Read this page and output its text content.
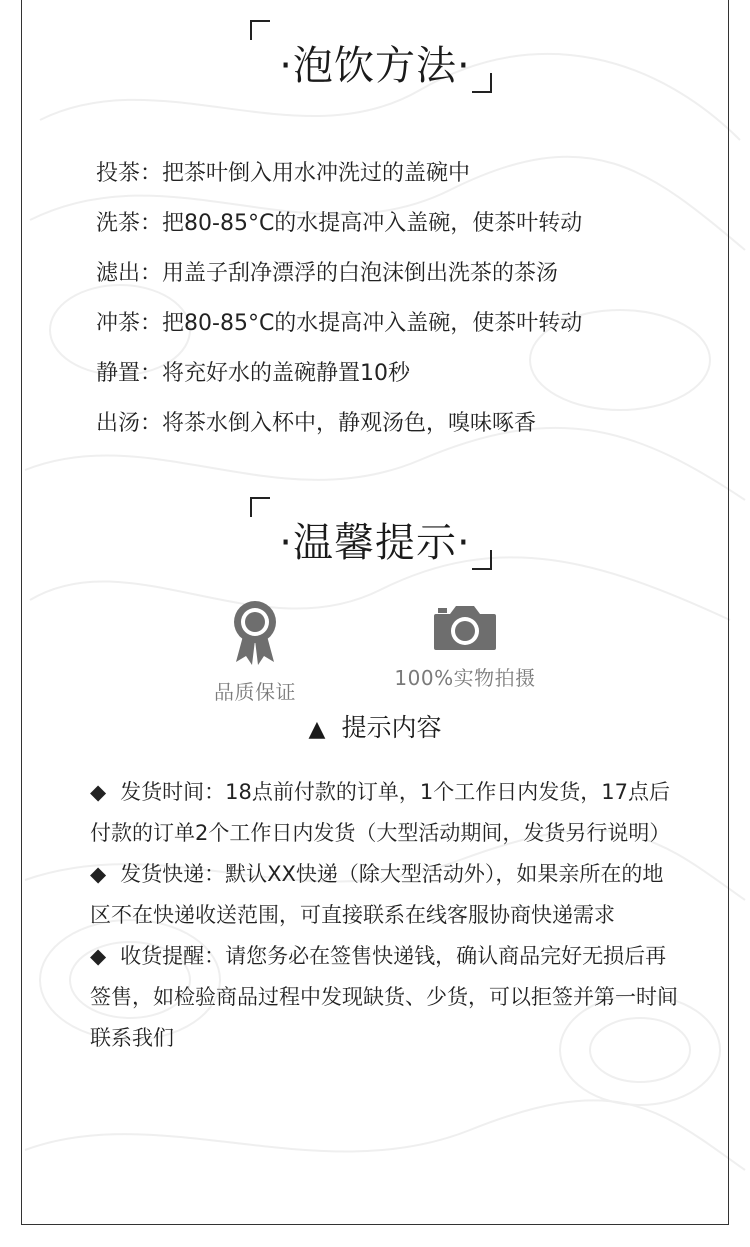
·泡饮方法·
投茶：把茶叶倒入用水冲洗过的盖碗中
洗茶：把80-85°C的水提高冲入盖碗，使茶叶转动
滤出：用盖子刮净漂浮的白泡沫倒出洗茶的茶汤
冲茶：把80-85°C的水提高冲入盖碗，使茶叶转动
静置：将充好水的盖碗静置10秒
出汤：将茶水倒入杯中，静观汤色，嗅味啄香
·温馨提示·
品质保证
100%实物拍摄
▲ 提示内容

◆ 发货时间：18点前付款的订单，1个工作日内发货，17点后付款的订单2个工作日内发货（大型活动期间，发货另行说明）

◆ 发货快递：默认XX快递（除大型活动外），如果亲所在的地区不在快递收送范围，可直接联系在线客服协商快递需求

◆ 收货提醒：请您务必在签售快递钱，确认商品完好无损后再签售，如检验商品过程中发现缺货、少货，可以拒签并第一时间联系我们
